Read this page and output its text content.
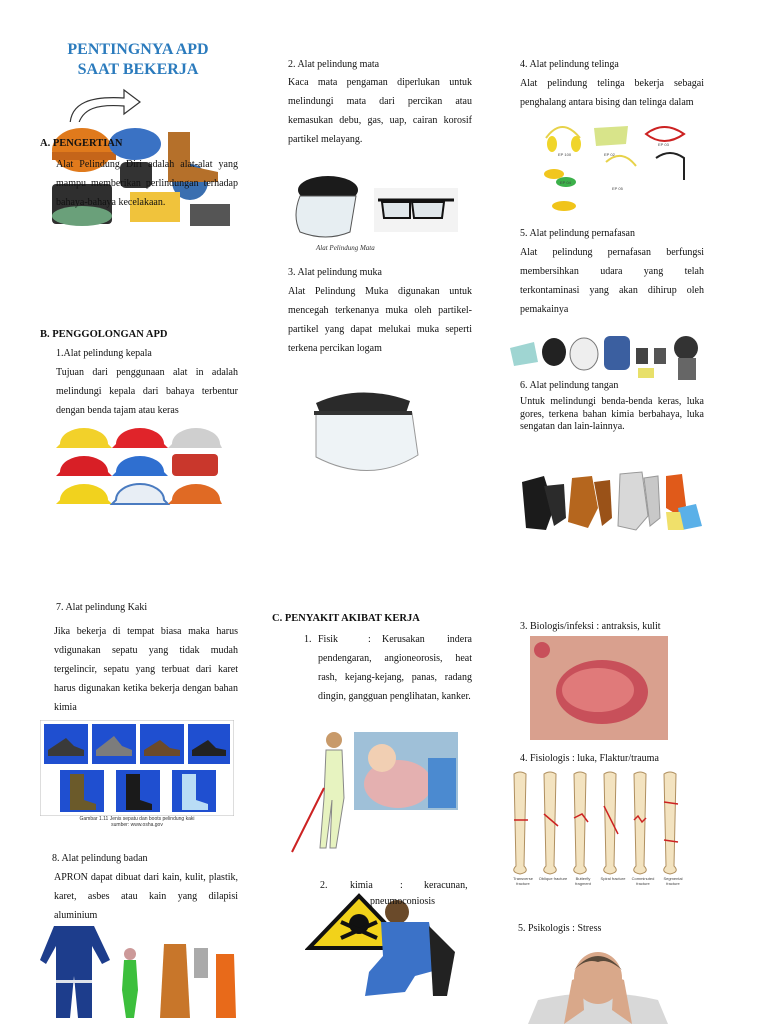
PENTINGNYA APD
SAAT BEKERJA
A. PENGERTIAN
Alat Pelindung Diri adalah alat-alat yang mampu memberikan perlindungan terhadap bahaya-bahaya kecelakaan.
B. PENGGOLONGAN APD
1.Alat pelindung kepala
Tujuan dari penggunaan alat in adalah melindungi kepala dari bahaya terbentur dengan benda tajam atau keras
7. Alat pelindung Kaki
Jika bekerja di tempat biasa maka harus vdigunakan sepatu yang tidak mudah tergelincir, sepatu yang terbuat dari karet harus digunakan ketika bekerja dengan bahan kimia
Gambar 1.11 Jenis sepatu dan boots pelindung kaki
sumber: www.osha.gov
8. Alat pelindung badan
APRON dapat dibuat dari kain, kulit, plastik, karet, asbes atau kain yang dilapisi aluminium
2. Alat pelindung mata
Kaca mata pengaman diperlukan untuk melindungi mata dari percikan atau kemasukan debu, gas, uap, cairan korosif partikel melayang.
Alat Pelindung Mata
3. Alat pelindung muka
Alat Pelindung Muka digunakan untuk mencegah terkenanya muka oleh partikel-partikel yang dapat melukai muka seperti terkena percikan logam
C. PENYAKIT AKIBAT KERJA
1. Fisik	:	Kerusakan indera pendengaran, angioneorosis, heat rash, kejang-kejang, panas, radang dingin, gangguan penglihatan, kanker.
2. kimia	:
pneumoconiosis
keracunan,
4. Alat pelindung telinga
Alat pelindung telinga bekerja sebagai penghalang antara bising dan telinga dalam
EP 100	EP 02
EP 03
EP 04
EP 05
5. Alat pelindung pernafasan
Alat pelindung pernafasan berfungsi membersihkan udara yang telah terkontaminasi yang akan dihirup oleh pemakainya
6. Alat pelindung tangan
Untuk melindungi benda-benda keras, luka gores, terkena bahan kimia berbahaya, luka sengatan dan lain-lainnya.
3. Biologis/infeksi : antraksis, kulit
4. Fisiologis : luka, Flaktur/trauma
Transverse fracture
Oblique fracture	Butterfly fragment
Spiral fracture	Comminuted fracture
Segmental fracture
5. Psikologis : Stress
